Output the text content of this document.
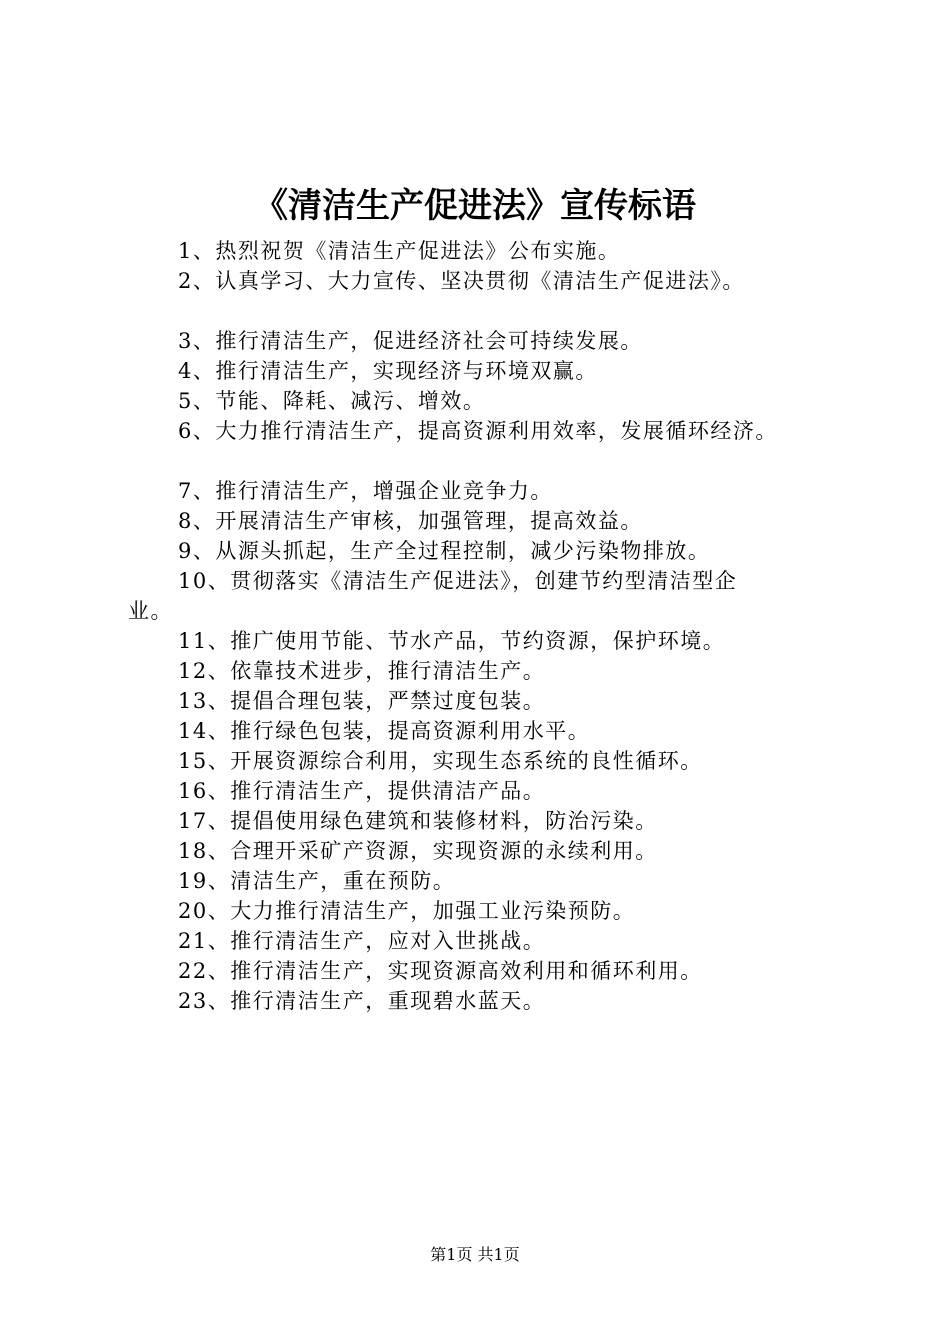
《清洁生产促进法》宣传标语
1、热烈祝贺《清洁生产促进法》公布实施。
2、认真学习、大力宣传、坚决贯彻《清洁生产促进法》。
3、推行清洁生产，促进经济社会可持续发展。
4、推行清洁生产，实现经济与环境双赢。
5、节能、降耗、减污、增效。
6、大力推行清洁生产，提高资源利用效率，发展循环经济。
7、推行清洁生产，增强企业竞争力。
8、开展清洁生产审核，加强管理，提高效益。
9、从源头抓起，生产全过程控制，减少污染物排放。
10、贯彻落实《清洁生产促进法》，创建节约型清洁型企
业。
11、推广使用节能、节水产品，节约资源，保护环境。
12、依靠技术进步，推行清洁生产。
13、提倡合理包装，严禁过度包装。
14、推行绿色包装，提高资源利用水平。
15、开展资源综合利用，实现生态系统的良性循环。
16、推行清洁生产，提供清洁产品。
17、提倡使用绿色建筑和装修材料，防治污染。
18、合理开采矿产资源，实现资源的永续利用。
19、清洁生产，重在预防。
20、大力推行清洁生产，加强工业污染预防。
21、推行清洁生产，应对入世挑战。
22、推行清洁生产，实现资源高效利用和循环利用。
23、推行清洁生产，重现碧水蓝天。
第1页 共1页
